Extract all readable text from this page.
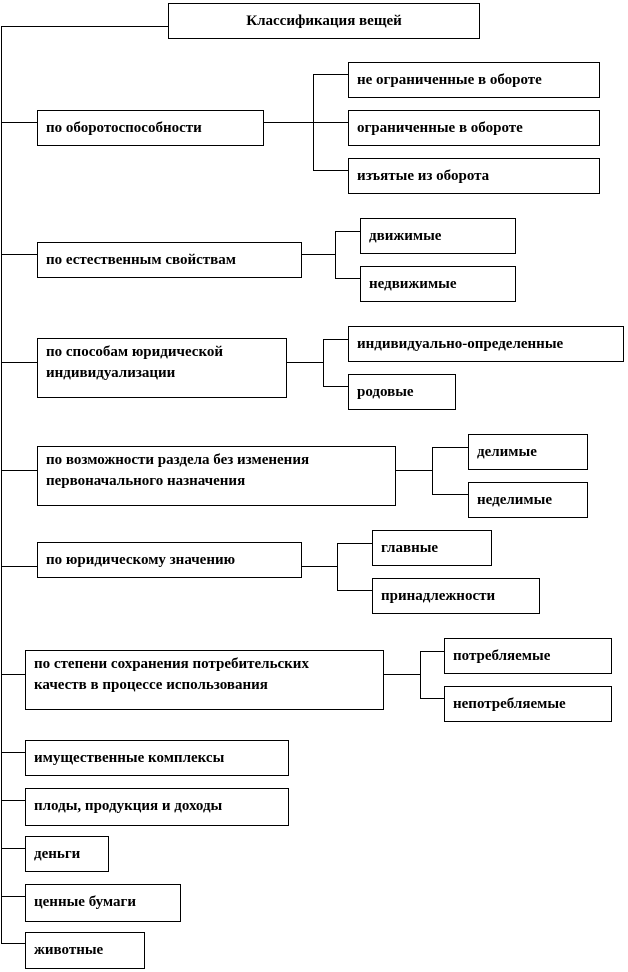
Классификация вещей
по оборотоспособности
не ограниченные в обороте
ограниченные в обороте
изъятые из оборота
по естественным свойствам
движимые
недвижимые
по способам юридической
индивидуализации
индивидуально-определенные
родовые
по возможности раздела без изменения
первоначального назначения
делимые
неделимые
по юридическому значению
главные
принадлежности
по степени сохранения потребительских
качеств в процессе использования
потребляемые
непотребляемые
имущественные комплексы
плоды, продукция и доходы
деньги
ценные бумаги
животные
